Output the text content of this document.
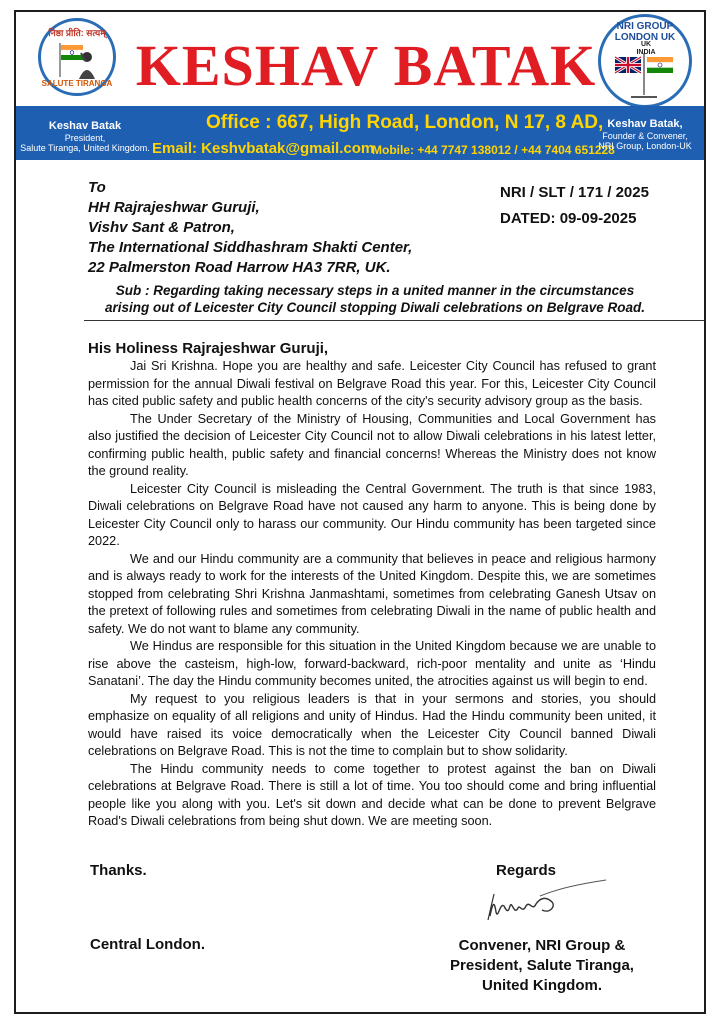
निष्ठा प्रीति: सत्यम्
SALUTE TIRANGA KESHAV BATAK
NRI GROUP LONDON UK
UK
INDIA
Office : 667, High Road, London, N 17, 8 AD,
Email: Keshvbatak@gmail.com
Mobile: +44 7747 138012 / +44 7404 651228
Keshav Batak
President,
Salute Tiranga, United Kingdom.
Keshav Batak,
Founder & Convener,
NRI Group, London-UK
To
HH Rajrajeshwar Guruji,
Vishv Sant & Patron,
The International Siddhashram Shakti Center,
22 Palmerston Road Harrow HA3 7RR, UK.
NRI / SLT / 171 / 2025
DATED: 09-09-2025
Sub : Regarding taking necessary steps in a united manner in the circumstances
arising out of Leicester City Council stopping Diwali celebrations on Belgrave Road.
His Holiness Rajrajeshwar Guruji,

Jai Sri Krishna. Hope you are healthy and safe. Leicester City Council has refused to grant permission for the annual Diwali festival on Belgrave Road this year. For this, Leicester City Council has cited public safety and public health concerns of the city's security advisory group as the basis.

The Under Secretary of the Ministry of Housing, Communities and Local Government has also justified the decision of Leicester City Council not to allow Diwali celebrations in his latest letter, confirming public health, public safety and financial concerns! Whereas the Ministry does not know the ground reality.

Leicester City Council is misleading the Central Government. The truth is that since 1983, Diwali celebrations on Belgrave Road have not caused any harm to anyone. This is being done by Leicester City Council only to harass our community. Our Hindu community has been targeted since 2022.

We and our Hindu community are a community that believes in peace and religious harmony and is always ready to work for the interests of the United Kingdom. Despite this, we are sometimes stopped from celebrating Shri Krishna Janmashtami, sometimes from celebrating Ganesh Utsav on the pretext of following rules and sometimes from celebrating Diwali in the name of public health and safety. We do not want to blame any community.

We Hindus are responsible for this situation in the United Kingdom because we are unable to rise above the casteism, high-low, forward-backward, rich-poor mentality and unite as ‘Hindu Sanatani’. The day the Hindu community becomes united, the atrocities against us will begin to end.

My request to you religious leaders is that in your sermons and stories, you should emphasize on equality of all religions and unity of Hindus. Had the Hindu community been united, it would have raised its voice democratically when the Leicester City Council banned Diwali celebrations on Belgrave Road. This is not the time to complain but to show solidarity.

The Hindu community needs to come together to protest against the ban on Diwali celebrations at Belgrave Road. There is still a lot of time. You too should come and bring influential people like you along with you. Let's sit down and decide what can be done to prevent Belgrave Road's Diwali celebrations from being shut down. We are meeting soon.

Thanks.	Regards
Central London.	Convener, NRI Group &
President, Salute Tiranga,
United Kingdom.
